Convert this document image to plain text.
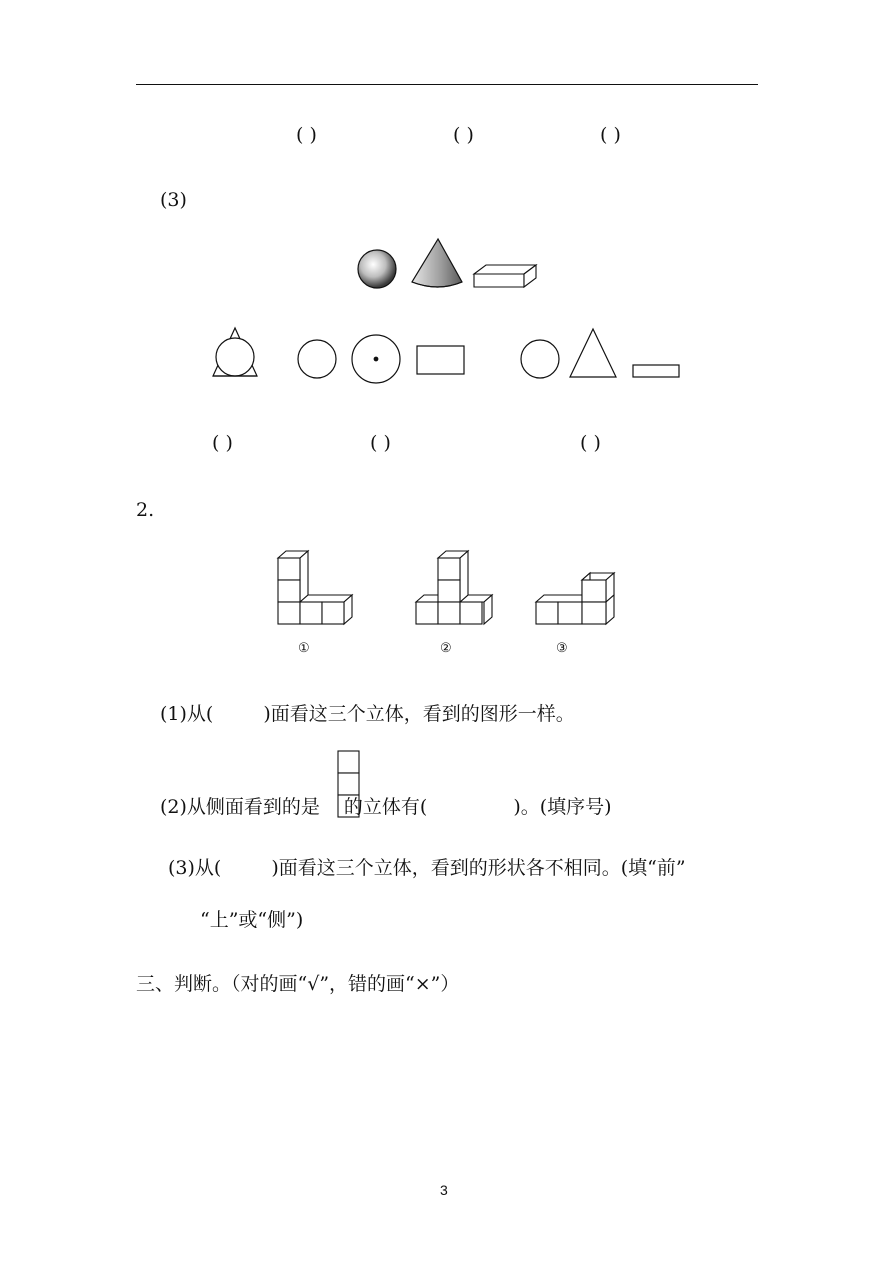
( )	( )	( )
(3)
( )	( )	( )
2.
①	②	③
(1)从(	)面看这三个立体，看到的图形一样。
(2)从侧面看到的是 的立体有(	)。(填序号)
(3)从(	)面看这三个立体，看到的形状各不相同。(填“前”
“上”或“侧”)
三、判断。（对的画“√”，错的画“×”）
3
